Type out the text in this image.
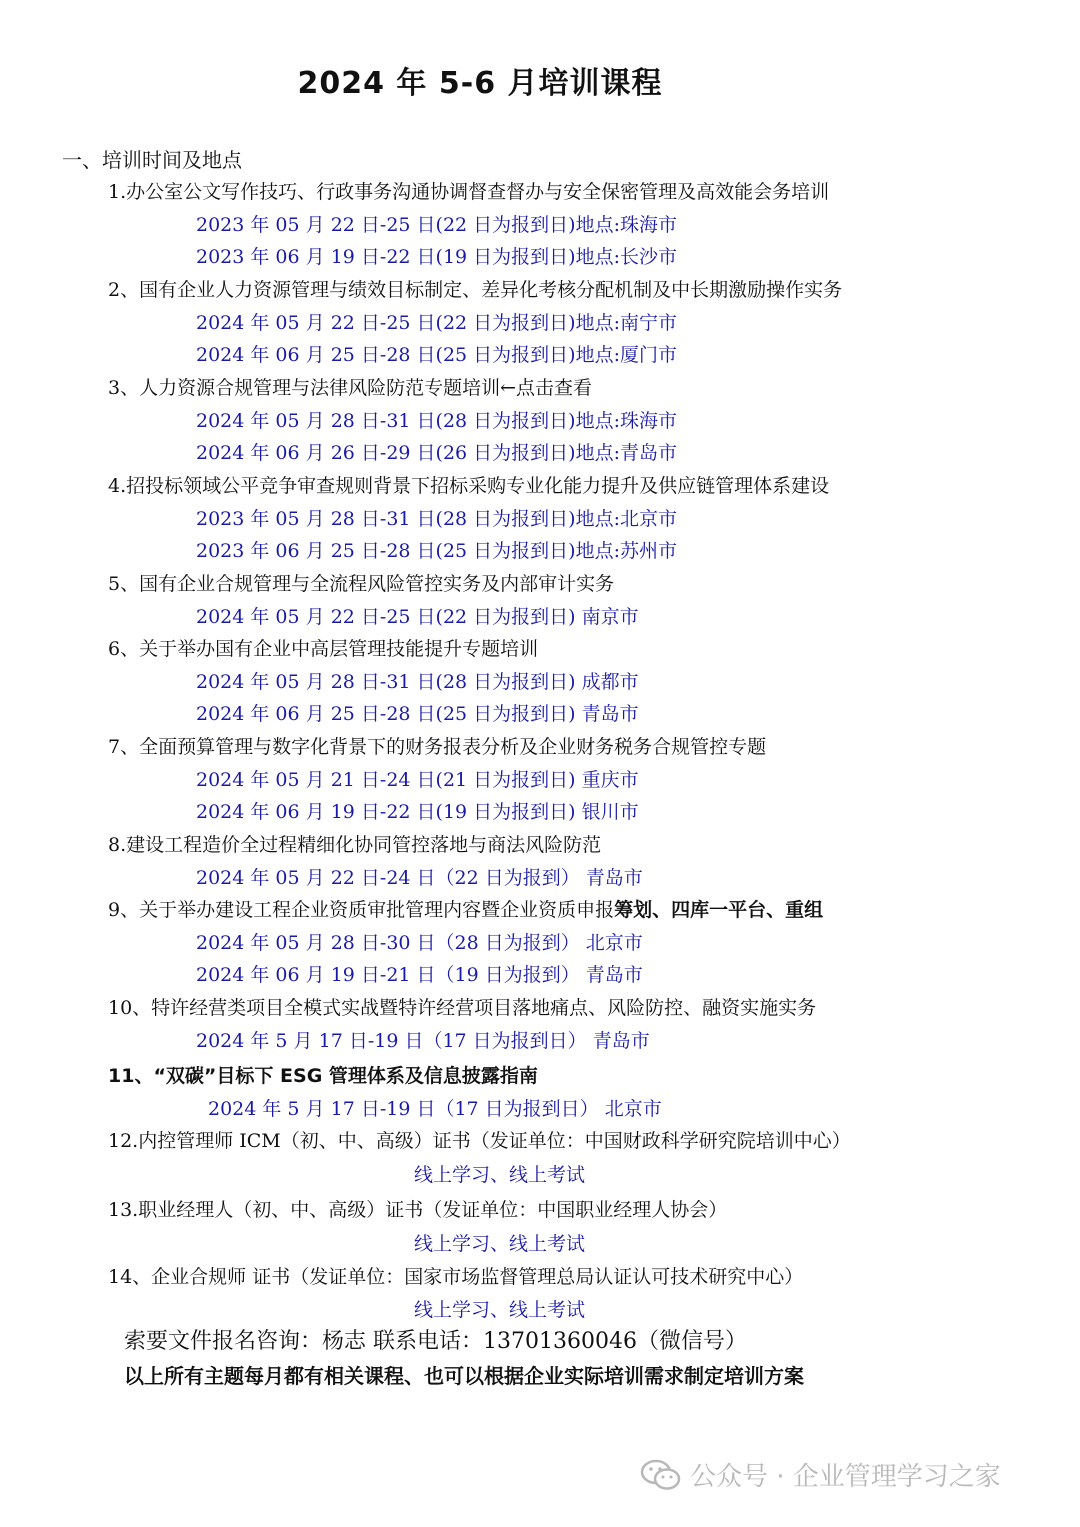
2024 年 5-6 月培训课程
一、培训时间及地点
1.办公室公文写作技巧、行政事务沟通协调督查督办与安全保密管理及高效能会务培训
2023 年 05 月 22 日-25 日(22 日为报到日)地点:珠海市
2023 年 06 月 19 日-22 日(19 日为报到日)地点:长沙市
2、国有企业人力资源管理与绩效目标制定、差异化考核分配机制及中长期激励操作实务
2024 年 05 月 22 日-25 日(22 日为报到日)地点:南宁市
2024 年 06 月 25 日-28 日(25 日为报到日)地点:厦门市
3、人力资源合规管理与法律风险防范专题培训←点击查看
2024 年 05 月 28 日-31 日(28 日为报到日)地点:珠海市
2024 年 06 月 26 日-29 日(26 日为报到日)地点:青岛市
4.招投标领域公平竞争审查规则背景下招标采购专业化能力提升及供应链管理体系建设
2023 年 05 月 28 日-31 日(28 日为报到日)地点:北京市
2023 年 06 月 25 日-28 日(25 日为报到日)地点:苏州市
5、国有企业合规管理与全流程风险管控实务及内部审计实务
2024 年 05 月 22 日-25 日(22 日为报到日) 南京市
6、关于举办国有企业中高层管理技能提升专题培训
2024 年 05 月 28 日-31 日(28 日为报到日) 成都市
2024 年 06 月 25 日-28 日(25 日为报到日) 青岛市
7、全面预算管理与数字化背景下的财务报表分析及企业财务税务合规管控专题
2024 年 05 月 21 日-24 日(21 日为报到日) 重庆市
2024 年 06 月 19 日-22 日(19 日为报到日) 银川市
8.建设工程造价全过程精细化协同管控落地与商法风险防范
2024 年 05 月 22 日-24 日（22 日为报到） 青岛市
9、关于举办建设工程企业资质审批管理内容暨企业资质申报筹划、四库一平台、重组
2024 年 05 月 28 日-30 日（28 日为报到） 北京市
2024 年 06 月 19 日-21 日（19 日为报到） 青岛市
10、特许经营类项目全模式实战暨特许经营项目落地痛点、风险防控、融资实施实务
2024 年 5 月 17 日-19 日（17 日为报到日） 青岛市
11、“双碳”目标下 ESG 管理体系及信息披露指南
2024 年 5 月 17 日-19 日（17 日为报到日） 北京市
12.内控管理师 ICM（初、中、高级）证书（发证单位：中国财政科学研究院培训中心）
线上学习、线上考试
13.职业经理人（初、中、高级）证书（发证单位：中国职业经理人协会）
线上学习、线上考试
14、企业合规师 证书（发证单位：国家市场监督管理总局认证认可技术研究中心）
线上学习、线上考试
索要文件报名咨询：杨志 联系电话：13701360046（微信号）
以上所有主题每月都有相关课程、也可以根据企业实际培训需求制定培训方案
公众号 · 企业管理学习之家
